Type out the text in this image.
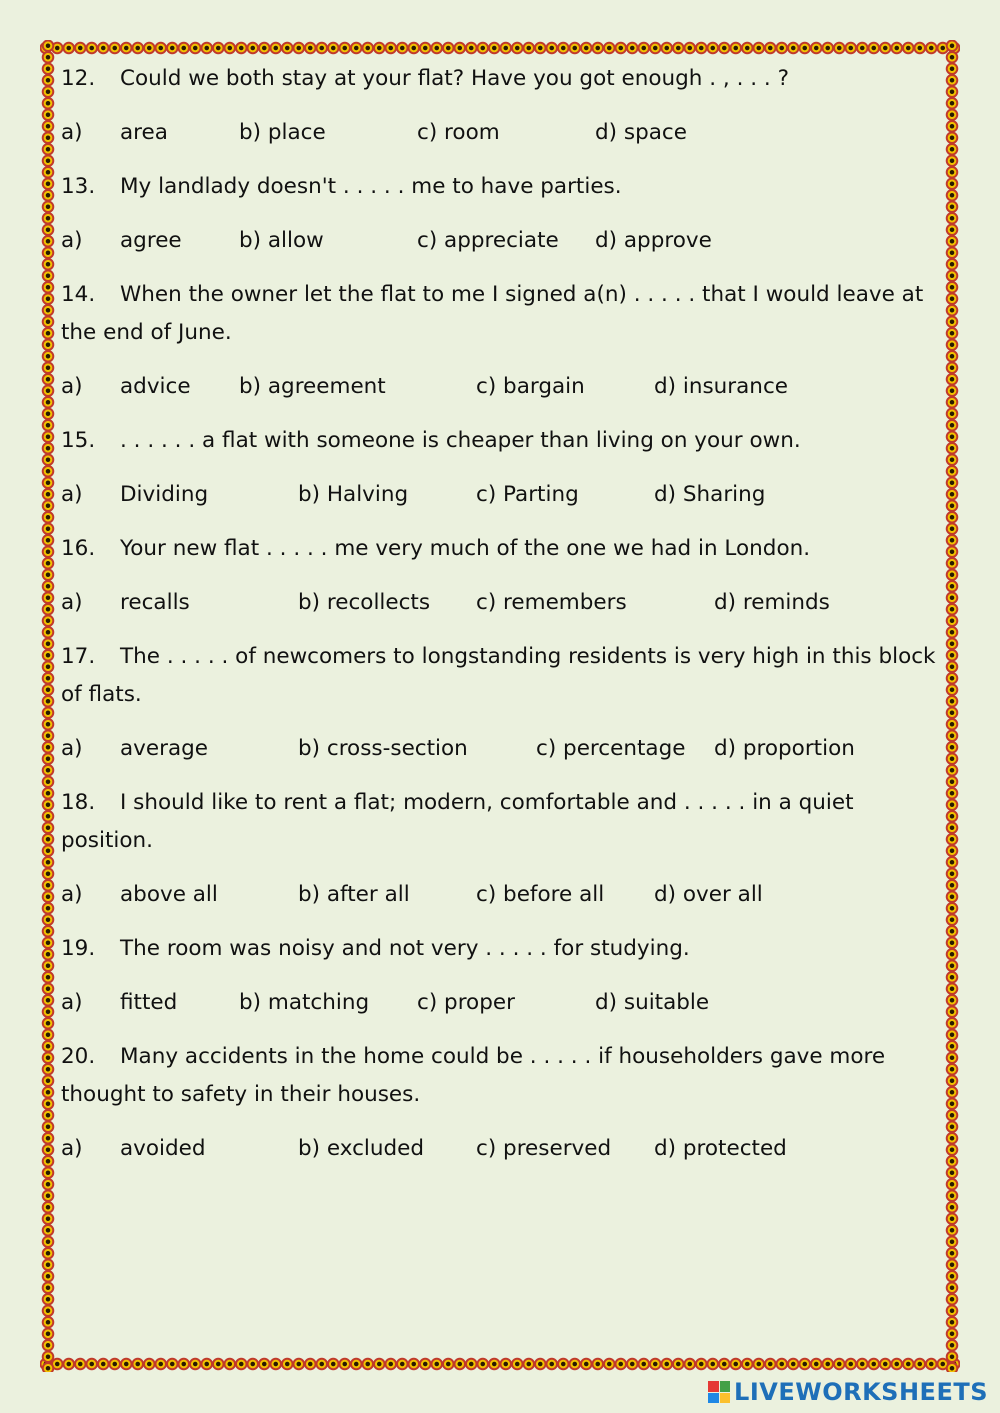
12. Could we both stay at your flat? Have you got enough . , . . . ?
a) area	b) place	c) room	d) space
13. My landlady doesn't . . . . . me to have parties.
a) agree	b) allow	c) appreciate d) approve
14. When the owner let the flat to me I signed a(n) . . . . . that I would leave at
the end of June.
a) advice b) agreement	c) bargain	d) insurance
15. . . . . . . a flat with someone is cheaper than living on your own.
a) Dividing	b) Halving	c) Parting	d) Sharing
16. Your new flat . . . . . me very much of the one we had in London.
a) recalls	b) recollects c) remembers	d) reminds
17. The . . . . . of newcomers to longstanding residents is very high in this block
of flats.
a) average	b) cross-section	c) percentage d) proportion
18. I should like to rent a flat; modern, comfortable and . . . . . in a quiet
position.
a) above all	b) after all	c) before all d) over all
19. The room was noisy and not very . . . . . for studying.
a) fitted	b) matching c) proper	d) suitable
20. Many accidents in the home could be . . . . . if householders gave more
thought to safety in their houses.
a) avoided	b) excluded c) preserved d) protected
LIVEWORKSHEETS
